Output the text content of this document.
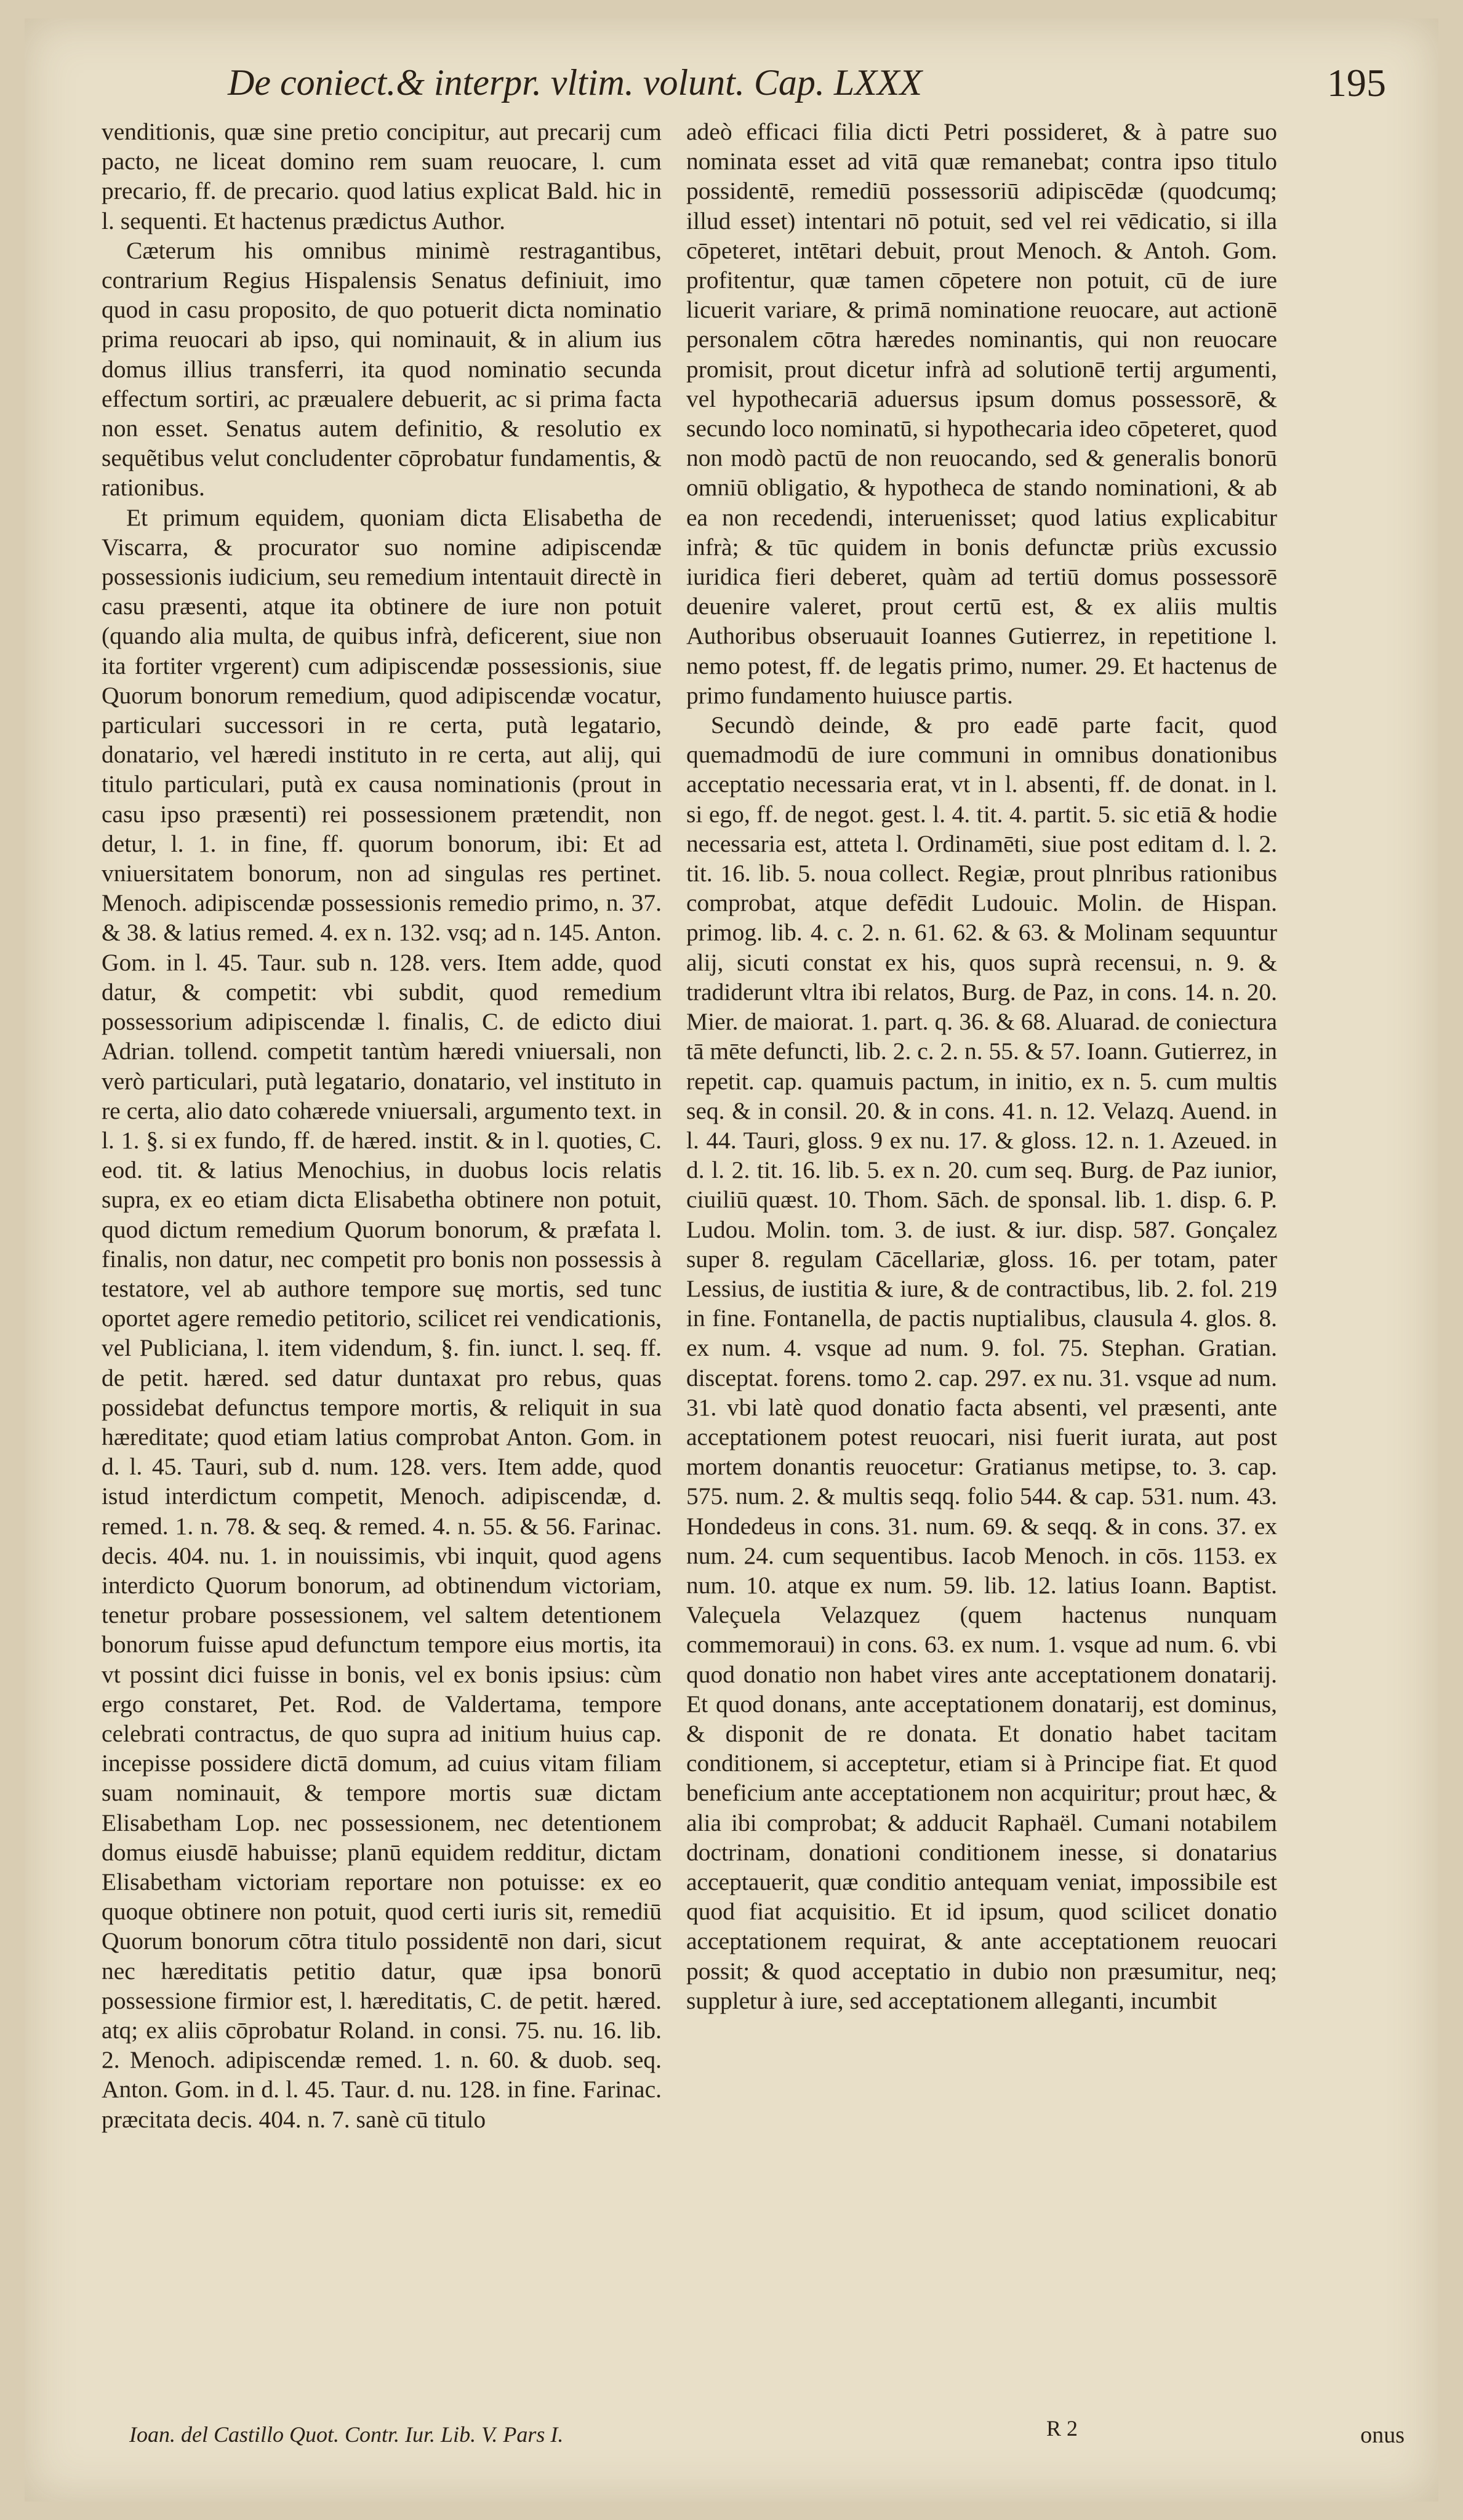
De coniect.& interpr. vltim. volunt. Cap. LXXX	195

venditionis, quæ sine pretio concipitur, aut precarij cum pacto, ne liceat domino rem suam reuocare, l. cum precario, ff. de precario. quod latius explicat Bald. hic in l. sequenti. Et hactenus prædictus Author.

Cæterum his omnibus minimè restragantibus, contrarium Regius Hispalensis Senatus definiuit, imo quod in casu proposito, de quo potuerit dicta nominatio prima reuocari ab ipso, qui nominauit, & in alium ius domus illius transferri, ita quod nominatio secunda effectum sortiri, ac præualere debuerit, ac si prima facta non esset. Senatus autem definitio, & resolutio ex sequẽtibus velut concludenter cōprobatur fundamentis, & rationibus.

Et primum equidem, quoniam dicta Elisabetha de Viscarra, & procurator suo nomine adipiscendæ possessionis iudicium, seu remedium intentauit directè in casu præsenti, atque ita obtinere de iure non potuit (quando alia multa, de quibus infrà, deficerent, siue non ita fortiter vrgerent) cum adipiscendæ possessionis, siue Quorum bonorum remedium, quod adipiscendæ vocatur, particulari successori in re certa, putà legatario, donatario, vel hæredi instituto in re certa, aut alij, qui titulo particulari, putà ex causa nominationis (prout in casu ipso præsenti) rei possessionem prætendit, non detur, l. 1. in fine, ff. quorum bonorum, ibi: Et ad vniuersitatem bonorum, non ad singulas res pertinet. Menoch. adipiscendæ possessionis remedio primo, n. 37. & 38. & latius remed. 4. ex n. 132. vsq; ad n. 145. Anton. Gom. in l. 45. Taur. sub n. 128. vers. Item adde, quod datur, & competit: vbi subdit, quod remedium possessorium adipiscendæ l. finalis, C. de edicto diui Adrian. tollend. competit tantùm hæredi vniuersali, non verò particulari, putà legatario, donatario, vel instituto in re certa, alio dato cohærede vniuersali, argumento text. in l. 1. §. si ex fundo, ff. de hæred. instit. & in l. quoties, C. eod. tit. & latius Menochius, in duobus locis relatis supra, ex eo etiam dicta Elisabetha obtinere non potuit, quod dictum remedium Quorum bonorum, & præfata l. finalis, non datur, nec competit pro bonis non possessis à testatore, vel ab authore tempore suę mortis, sed tunc oportet agere remedio petitorio, scilicet rei vendicationis, vel Publiciana, l. item videndum, §. fin. iunct. l. seq. ff. de petit. hæred. sed datur duntaxat pro rebus, quas possidebat defunctus tempore mortis, & reliquit in sua hæreditate; quod etiam latius comprobat Anton. Gom. in d. l. 45. Tauri, sub d. num. 128. vers. Item adde, quod istud interdictum competit, Menoch. adipiscendæ, d. remed. 1. n. 78. & seq. & remed. 4. n. 55. & 56. Farinac. decis. 404. nu. 1. in nouissimis, vbi inquit, quod agens interdicto Quorum bonorum, ad obtinendum victoriam, tenetur probare possessionem, vel saltem detentionem bonorum fuisse apud defunctum tempore eius mortis, ita vt possint dici fuisse in bonis, vel ex bonis ipsius: cùm ergo constaret, Pet. Rod. de Valdertama, tempore celebrati contractus, de quo supra ad initium huius cap. incepisse possidere dictā domum, ad cuius vitam filiam suam nominauit, & tempore mortis suæ dictam Elisabetham Lop. nec possessionem, nec detentionem domus eiusdē habuisse; planū equidem redditur, dictam Elisabetham victoriam reportare non potuisse: ex eo quoque obtinere non potuit, quod certi iuris sit, remediū Quorum bonorum cōtra titulo possidentē non dari, sicut nec hæreditatis petitio datur, quæ ipsa bonorū possessione firmior est, l. hæreditatis, C. de petit. hæred. atq; ex aliis cōprobatur Roland. in consi. 75. nu. 16. lib. 2. Menoch. adipiscendæ remed. 1. n. 60. & duob. seq. Anton. Gom. in d. l. 45. Taur. d. nu. 128. in fine. Farinac. præcitata decis. 404. n. 7. sanè cū titulo

adeò efficaci filia dicti Petri possideret, & à patre suo nominata esset ad vitā quæ remanebat; contra ipso titulo possidentē, remediū possessoriū adipiscēdæ (quodcumq; illud esset) intentari nō potuit, sed vel rei vēdicatio, si illa cōpeteret, intētari debuit, prout Menoch. & Antoh. Gom. profitentur, quæ tamen cōpetere non potuit, cū de iure licuerit variare, & primā nominatione reuocare, aut actionē personalem cōtra hæredes nominantis, qui non reuocare promisit, prout dicetur infrà ad solutionē tertij argumenti, vel hypothecariā aduersus ipsum domus possessorē, & secundo loco nominatū, si hypothecaria ideo cōpeteret, quod non modò pactū de non reuocando, sed & generalis bonorū omniū obligatio, & hypotheca de stando nominationi, & ab ea non recedendi, interuenisset; quod latius explicabitur infrà; & tūc quidem in bonis defunctæ priùs excussio iuridica fieri deberet, quàm ad tertiū domus possessorē deuenire valeret, prout certū est, & ex aliis multis Authoribus obseruauit Ioannes Gutierrez, in repetitione l. nemo potest, ff. de legatis primo, numer. 29. Et hactenus de primo fundamento huiusce partis.

Secundò deinde, & pro eadē parte facit, quod quemadmodū de iure communi in omnibus donationibus acceptatio necessaria erat, vt in l. absenti, ff. de donat. in l. si ego, ff. de negot. gest. l. 4. tit. 4. partit. 5. sic etiā & hodie necessaria est, atteta l. Ordinamēti, siue post editam d. l. 2. tit. 16. lib. 5. noua collect. Regiæ, prout plnribus rationibus comprobat, atque defēdit Ludouic. Molin. de Hispan. primog. lib. 4. c. 2. n. 61. 62. & 63. & Molinam sequuntur alij, sicuti constat ex his, quos suprà recensui, n. 9. & tradiderunt vltra ibi relatos, Burg. de Paz, in cons. 14. n. 20. Mier. de maiorat. 1. part. q. 36. & 68. Aluarad. de coniectura tā mēte defuncti, lib. 2. c. 2. n. 55. & 57. Ioann. Gutierrez, in repetit. cap. quamuis pactum, in initio, ex n. 5. cum multis seq. & in consil. 20. & in cons. 41. n. 12. Velazq. Auend. in l. 44. Tauri, gloss. 9 ex nu. 17. & gloss. 12. n. 1. Azeued. in d. l. 2. tit. 16. lib. 5. ex n. 20. cum seq. Burg. de Paz iunior, ciuiliū quæst. 10. Thom. Sāch. de sponsal. lib. 1. disp. 6. P. Ludou. Molin. tom. 3. de iust. & iur. disp. 587. Gonçalez super 8. regulam Cācellariæ, gloss. 16. per totam, pater Lessius, de iustitia & iure, & de contractibus, lib. 2. fol. 219 in fine. Fontanella, de pactis nuptialibus, clausula 4. glos. 8. ex num. 4. vsque ad num. 9. fol. 75. Stephan. Gratian. disceptat. forens. tomo 2. cap. 297. ex nu. 31. vsque ad num. 31. vbi latè quod donatio facta absenti, vel præsenti, ante acceptationem potest reuocari, nisi fuerit iurata, aut post mortem donantis reuocetur: Gratianus metipse, to. 3. cap. 575. num. 2. & multis seqq. folio 544. & cap. 531. num. 43. Hondedeus in cons. 31. num. 69. & seqq. & in cons. 37. ex num. 24. cum sequentibus. Iacob Menoch. in cōs. 1153. ex num. 10. atque ex num. 59. lib. 12. latius Ioann. Baptist. Valeçuela Velazquez (quem hactenus nunquam commemoraui) in cons. 63. ex num. 1. vsque ad num. 6. vbi quod donatio non habet vires ante acceptationem donatarij. Et quod donans, ante acceptationem donatarij, est dominus, & disponit de re donata. Et donatio habet tacitam conditionem, si acceptetur, etiam si à Principe fiat. Et quod beneficium ante acceptationem non acquiritur; prout hæc, & alia ibi comprobat; & adducit Raphaël. Cumani notabilem doctrinam, donationi conditionem inesse, si donatarius acceptauerit, quæ conditio antequam veniat, impossibile est quod fiat acquisitio. Et id ipsum, quod scilicet donatio acceptationem requirat, & ante acceptationem reuocari possit; & quod acceptatio in dubio non præsumitur, neq; suppletur à iure, sed acceptationem alleganti, incumbit

Ioan. del Castillo Quot. Contr. Iur. Lib. V. Pars I.	R 2	onus
